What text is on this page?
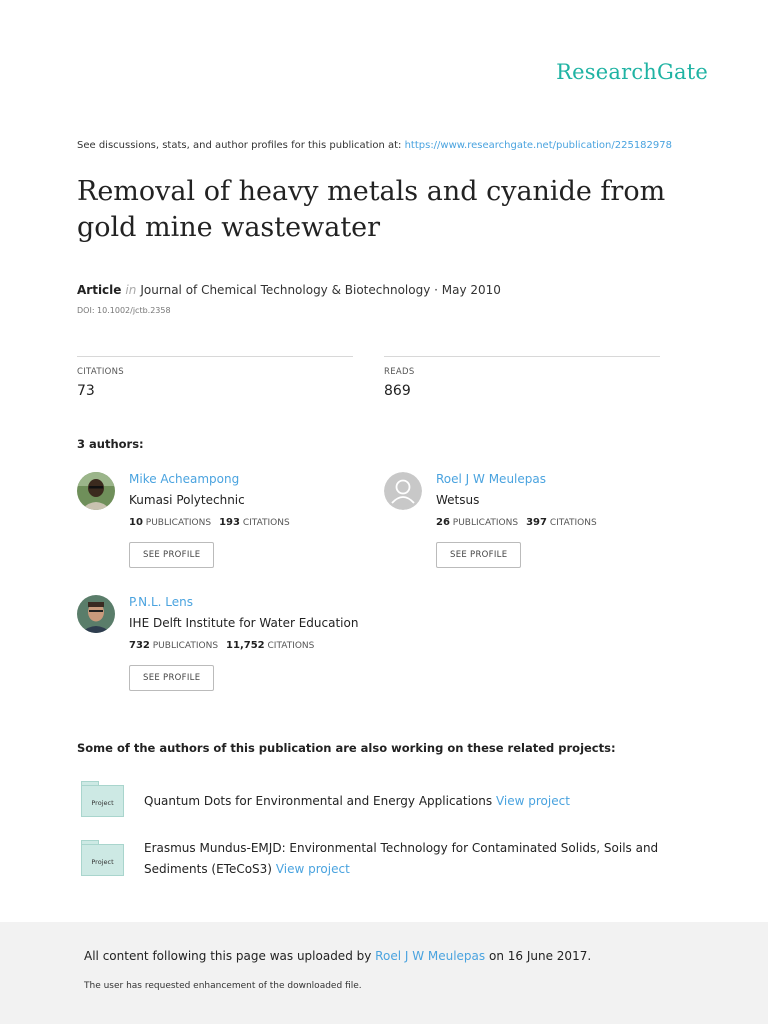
ResearchGate
See discussions, stats, and author profiles for this publication at: https://www.researchgate.net/publication/225182978
Removal of heavy metals and cyanide from gold mine wastewater
Article in Journal of Chemical Technology & Biotechnology · May 2010
DOI: 10.1002/jctb.2358
CITATIONS
73
READS
869
3 authors:
Mike Acheampong
Kumasi Polytechnic
10 PUBLICATIONS 193 CITATIONS
SEE PROFILE
Roel J W Meulepas
Wetsus
26 PUBLICATIONS 397 CITATIONS
SEE PROFILE
P.N.L. Lens
IHE Delft Institute for Water Education
732 PUBLICATIONS 11,752 CITATIONS
SEE PROFILE
Some of the authors of this publication are also working on these related projects:
Project	Quantum Dots for Environmental and Energy Applications View project
Project
Erasmus Mundus-EMJD: Environmental Technology for Contaminated Solids, Soils and Sediments (ETeCoS3) View project
All content following this page was uploaded by Roel J W Meulepas on 16 June 2017.
The user has requested enhancement of the downloaded file.
